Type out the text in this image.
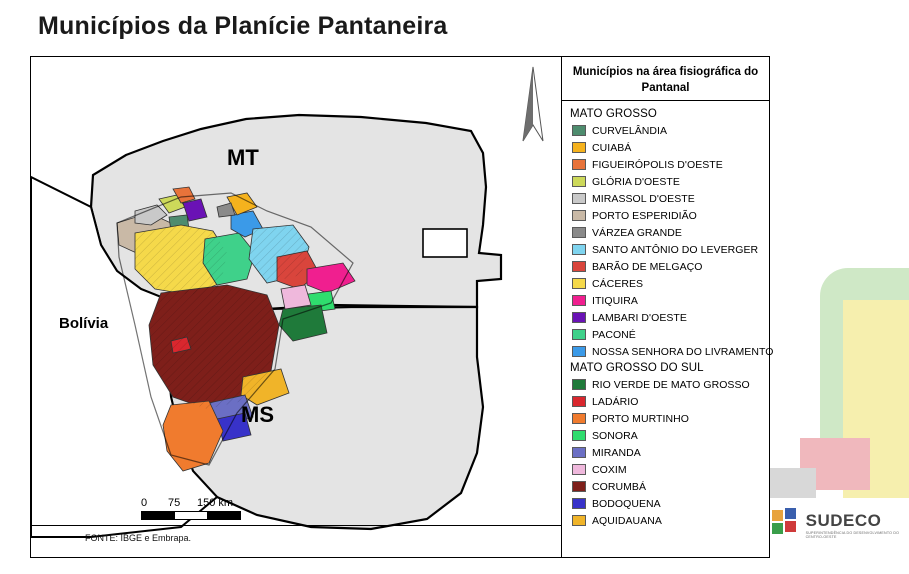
Municípios da Planície Pantaneira
SUDECO
SUPERINTENDÊNCIA DO DESENVOLVIMENTO DO CENTRO-OESTE
MT
MS
Bolívia
0 75 150 km
FONTE: IBGE e Embrapa.
Municípios na área fisiográfica do Pantanal
MATO GROSSO
CURVELÂNDIA
CUIABÁ
FIGUEIRÓPOLIS D'OESTE
GLÓRIA D'OESTE
MIRASSOL D'OESTE
PORTO ESPERIDIÃO
VÁRZEA GRANDE
SANTO ANTÔNIO DO LEVERGER
BARÃO DE MELGAÇO
CÁCERES
ITIQUIRA
LAMBARI D'OESTE
PACONÉ
NOSSA SENHORA DO LIVRAMENTO
MATO GROSSO DO SUL
RIO VERDE DE MATO GROSSO
LADÁRIO
PORTO MURTINHO
SONORA
MIRANDA
COXIM
CORUMBÁ
BODOQUENA
AQUIDAUANA
